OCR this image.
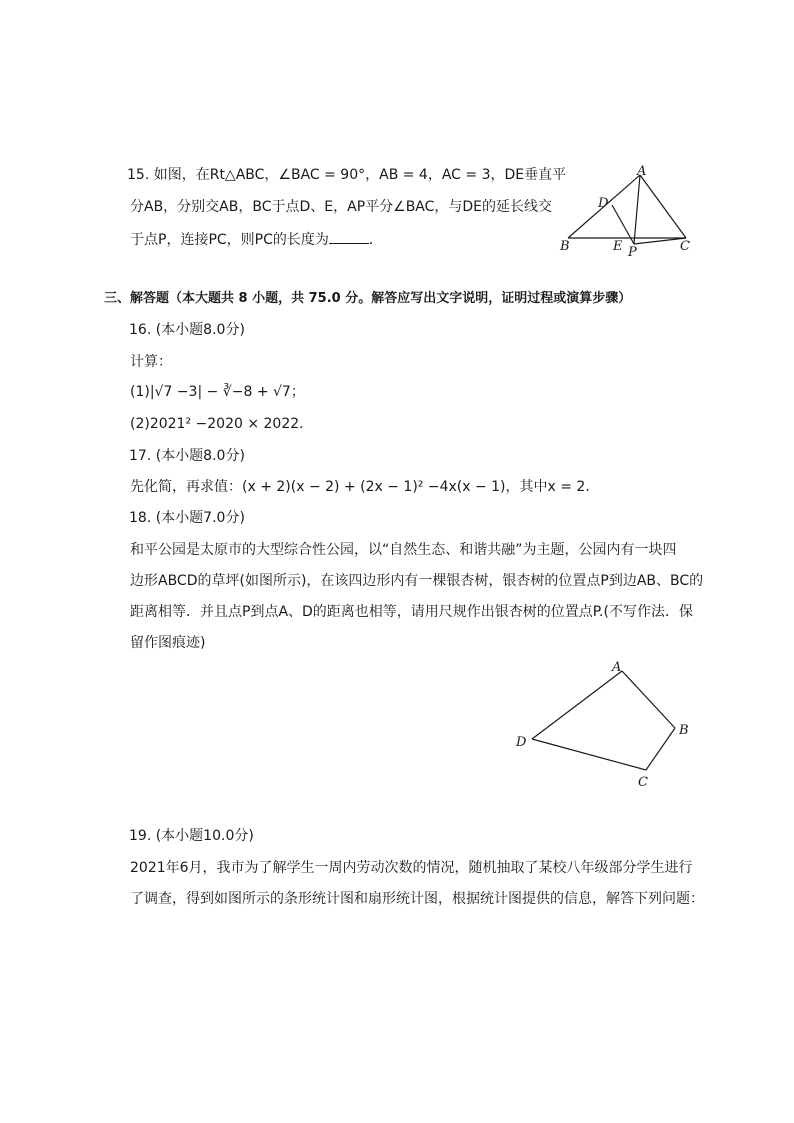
15. 如图，在Rt△ABC，∠BAC = 90°，AB = 4，AC = 3，DE垂直平
分AB，分别交AB，BC于点D、E，AP平分∠BAC，与DE的延长线交
于点P，连接PC，则PC的长度为	．
A
D
B	E P	C
三、解答题（本大题共 8 小题，共 75.0 分。解答应写出文字说明，证明过程或演算步骤）
16. (本小题8.0分)
计算：
(1)|√7 −3| − ∛−8 + √7；
(2)2021² −2020 × 2022．
17. (本小题8.0分)
先化简，再求值：(x + 2)(x − 2) + (2x − 1)² −4x(x − 1)，其中x = 2．
18. (本小题7.0分)
和平公园是太原市的大型综合性公园，以“自然生态、和谐共融”为主题，公园内有一块四
边形ABCD的草坪(如图所示)，在该四边形内有一棵银杏树，银杏树的位置点P到边AB、BC的
距离相等．并且点P到点A、D的距离也相等，请用尺规作出银杏树的位置点P.(不写作法．保
留作图痕迹)
A
B
C
D
19. (本小题10.0分)
2021年6月，我市为了解学生一周内劳动次数的情况，随机抽取了某校八年级部分学生进行
了调查，得到如图所示的条形统计图和扇形统计图，根据统计图提供的信息，解答下列问题：
